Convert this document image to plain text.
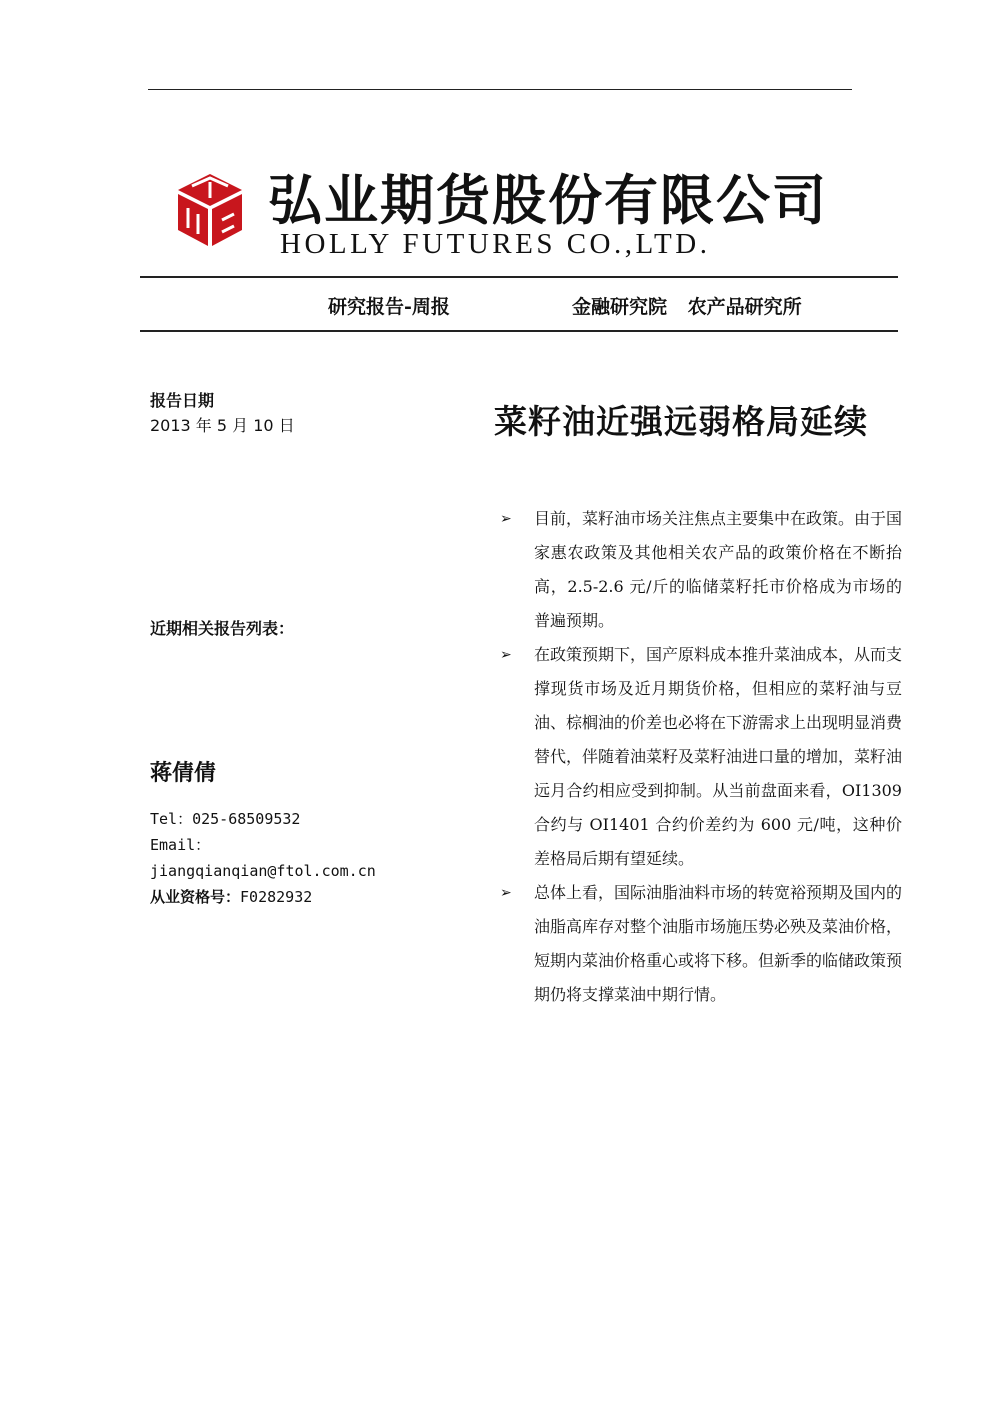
弘业期货股份有限公司
HOLLY FUTURES CO.,LTD.
研究报告-周报	金融研究院 农产品研究所
报告日期
2013 年 5 月 10 日	菜籽油近强远弱格局延续
近期相关报告列表：
蒋倩倩
Tel：025-68509532
Email：
jiangqianqian@ftol.com.cn
从业资格号：F0282932
➢ 目前，菜籽油市场关注焦点主要集中在政策。由于国家惠农政策及其他相关农产品的政策价格在不断抬高，2.5-2.6 元/斤的临储菜籽托市价格成为市场的普遍预期。
➢ 在政策预期下，国产原料成本推升菜油成本，从而支撑现货市场及近月期货价格，但相应的菜籽油与豆油、棕榈油的价差也必将在下游需求上出现明显消费替代，伴随着油菜籽及菜籽油进口量的增加，菜籽油远月合约相应受到抑制。从当前盘面来看，OI1309 合约与 OI1401 合约价差约为 600 元/吨，这种价差格局后期有望延续。
➢ 总体上看，国际油脂油料市场的转宽裕预期及国内的油脂高库存对整个油脂市场施压势必殃及菜油价格，短期内菜油价格重心或将下移。但新季的临储政策预期仍将支撑菜油中期行情。
